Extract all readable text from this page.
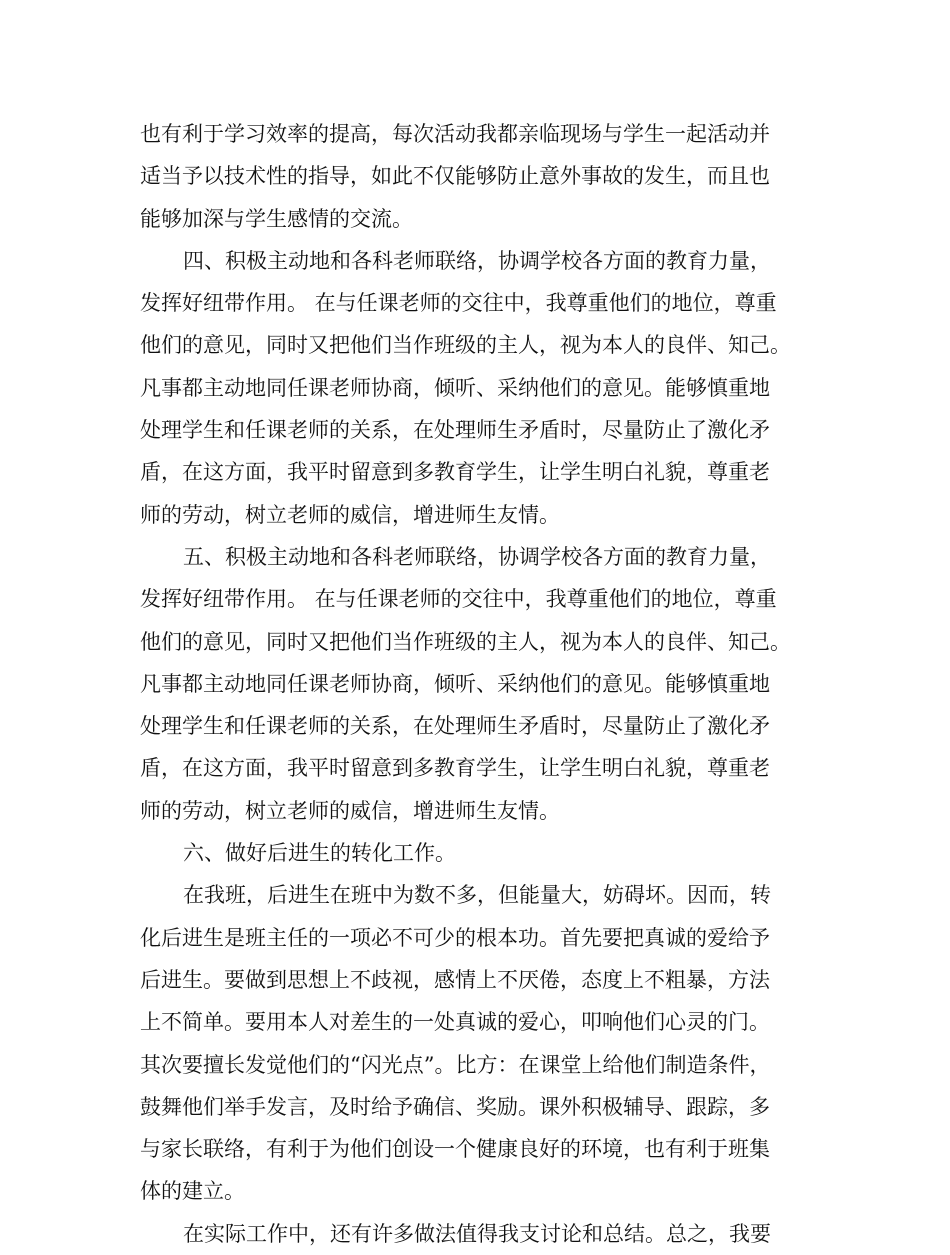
也有利于学习效率的提高，每次活动我都亲临现场与学生一起活动并
适当予以技术性的指导，如此不仅能够防止意外事故的发生，而且也
能够加深与学生感情的交流。
四、积极主动地和各科老师联络，协调学校各方面的教育力量，
发挥好纽带作用。 在与任课老师的交往中，我尊重他们的地位，尊重
他们的意见，同时又把他们当作班级的主人，视为本人的良伴、知己。
凡事都主动地同任课老师协商，倾听、采纳他们的意见。能够慎重地
处理学生和任课老师的关系，在处理师生矛盾时，尽量防止了激化矛
盾，在这方面，我平时留意到多教育学生，让学生明白礼貌，尊重老
师的劳动，树立老师的威信，增进师生友情。
五、积极主动地和各科老师联络，协调学校各方面的教育力量，
发挥好纽带作用。 在与任课老师的交往中，我尊重他们的地位，尊重
他们的意见，同时又把他们当作班级的主人，视为本人的良伴、知己。
凡事都主动地同任课老师协商，倾听、采纳他们的意见。能够慎重地
处理学生和任课老师的关系，在处理师生矛盾时，尽量防止了激化矛
盾，在这方面，我平时留意到多教育学生，让学生明白礼貌，尊重老
师的劳动，树立老师的威信，增进师生友情。
六、做好后进生的转化工作。
在我班，后进生在班中为数不多，但能量大，妨碍坏。因而，转
化后进生是班主任的一项必不可少的根本功。首先要把真诚的爱给予
后进生。要做到思想上不歧视，感情上不厌倦，态度上不粗暴，方法
上不简单。要用本人对差生的一处真诚的爱心，叩响他们心灵的门。
其次要擅长发觉他们的“闪光点”。比方：在课堂上给他们制造条件，
鼓舞他们举手发言，及时给予确信、奖励。课外积极辅导、跟踪，多
与家长联络，有利于为他们创设一个健康良好的环境，也有利于班集
体的建立。
在实际工作中，还有许多做法值得我支讨论和总结。总之，我要
